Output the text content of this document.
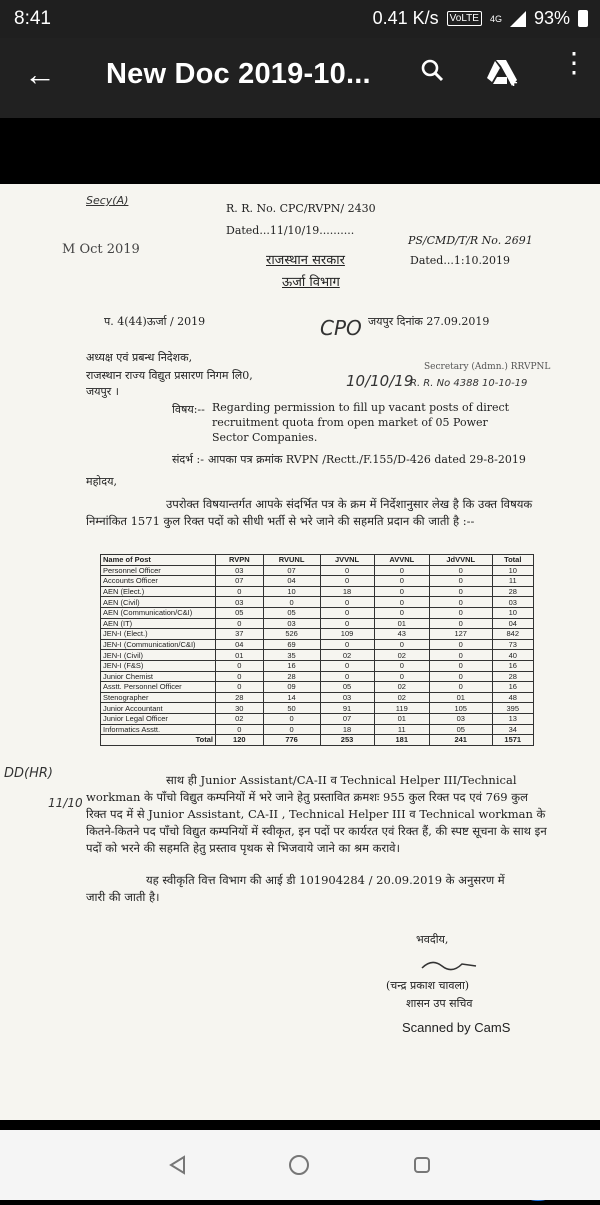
8:41	0.41 K/s	VoLTE	4G 93%
← New Doc 2019-10...	+
⋮
Secy(A)
R. R. No. CPC/RVPN/ 2430
Dated...11/10/19..........
M Oct 2019
PS/CMD/T/R No. 2691
Dated...1:10.2019
राजस्थान सरकार
ऊर्जा विभाग
प. 4(44)ऊर्जा / 2019	जयपुर दिनांक 27.09.2019
CPO
अध्यक्ष एवं प्रबन्ध निदेशक,
राजस्थान राज्य विद्युत प्रसारण निगम लि0,
जयपुर ।
10/10/19
Secretary (Admn.) RRVPNL
R. R. No 4388 10-10-19
विषय:-- Regarding permission to fill up vacant posts of direct recruitment quota from open market of 05 Power Sector Companies.
संदर्भ :- आपका पत्र क्रमांक RVPN /Rectt./F.155/D-426 dated 29-8-2019
महोदय,
उपरोक्त विषयान्तर्गत आपके संदर्भित पत्र के क्रम में निर्देशानुसार लेख है कि उक्त विषयक निम्नांकित 1571 कुल रिक्त पदों को सीधी भर्ती से भरे जाने की सहमति प्रदान की जाती है :--
Name of Post	RVPN	RVUNL	JVVNL	AVVNL	JdVVNL	Total
Personnel Officer	03	07	0	0	0	10
Accounts Officer	07	04	0	0	0	11
AEN (Elect.)	0	10	18	0	0	28
AEN (Civil)	03	0	0	0	0	03
AEN (Communication/C&I)	05	05	0	0	0	10
AEN (IT)	0	03	0	01	0	04
JEN-I (Elect.)	37	526	109	43	127	842
JEN-I (Communication/C&I)	04	69	0	0	0	73
JEN-I (Civil)	01	35	02	02	0	40
JEN-I (F&S)	0	16	0	0	0	16
Junior Chemist	0	28	0	0	0	28
Asstt. Personnel Officer	0	09	05	02	0	16
Stenographer	28	14	03	02	01	48
Junior Accountant	30	50	91	119	105	395
Junior Legal Officer	02	0	07	01	03	13
Informatics Asstt.	0	0	18	11	05	34
Total	120	776	253	181	241	1571
DD(HR)
11/10
साथ ही Junior Assistant/CA-II व Technical Helper III/Technical workman के पाँचो विद्युत कम्पनियों में भरे जाने हेतु प्रस्तावित क्रमशः 955 कुल रिक्त पद एवं 769 कुल रिक्त पद में से Junior Assistant, CA-II , Technical Helper III व Technical workman के कितने-कितने पद पाँचो विद्युत कम्पनियों में स्वीकृत, इन पदों पर कार्यरत एवं रिक्त हैं, की स्पष्ट सूचना के साथ इन पदों को भरने की सहमति हेतु प्रस्ताव पृथक से भिजवाये जाने का श्रम करावे।
यह स्वीकृति वित्त विभाग की आई डी 101904284 / 20.09.2019 के अनुसरण में जारी की जाती है।
भवदीय,
(चन्द्र प्रकाश चावला)
शासन उप सचिव
Scanned by CamS
